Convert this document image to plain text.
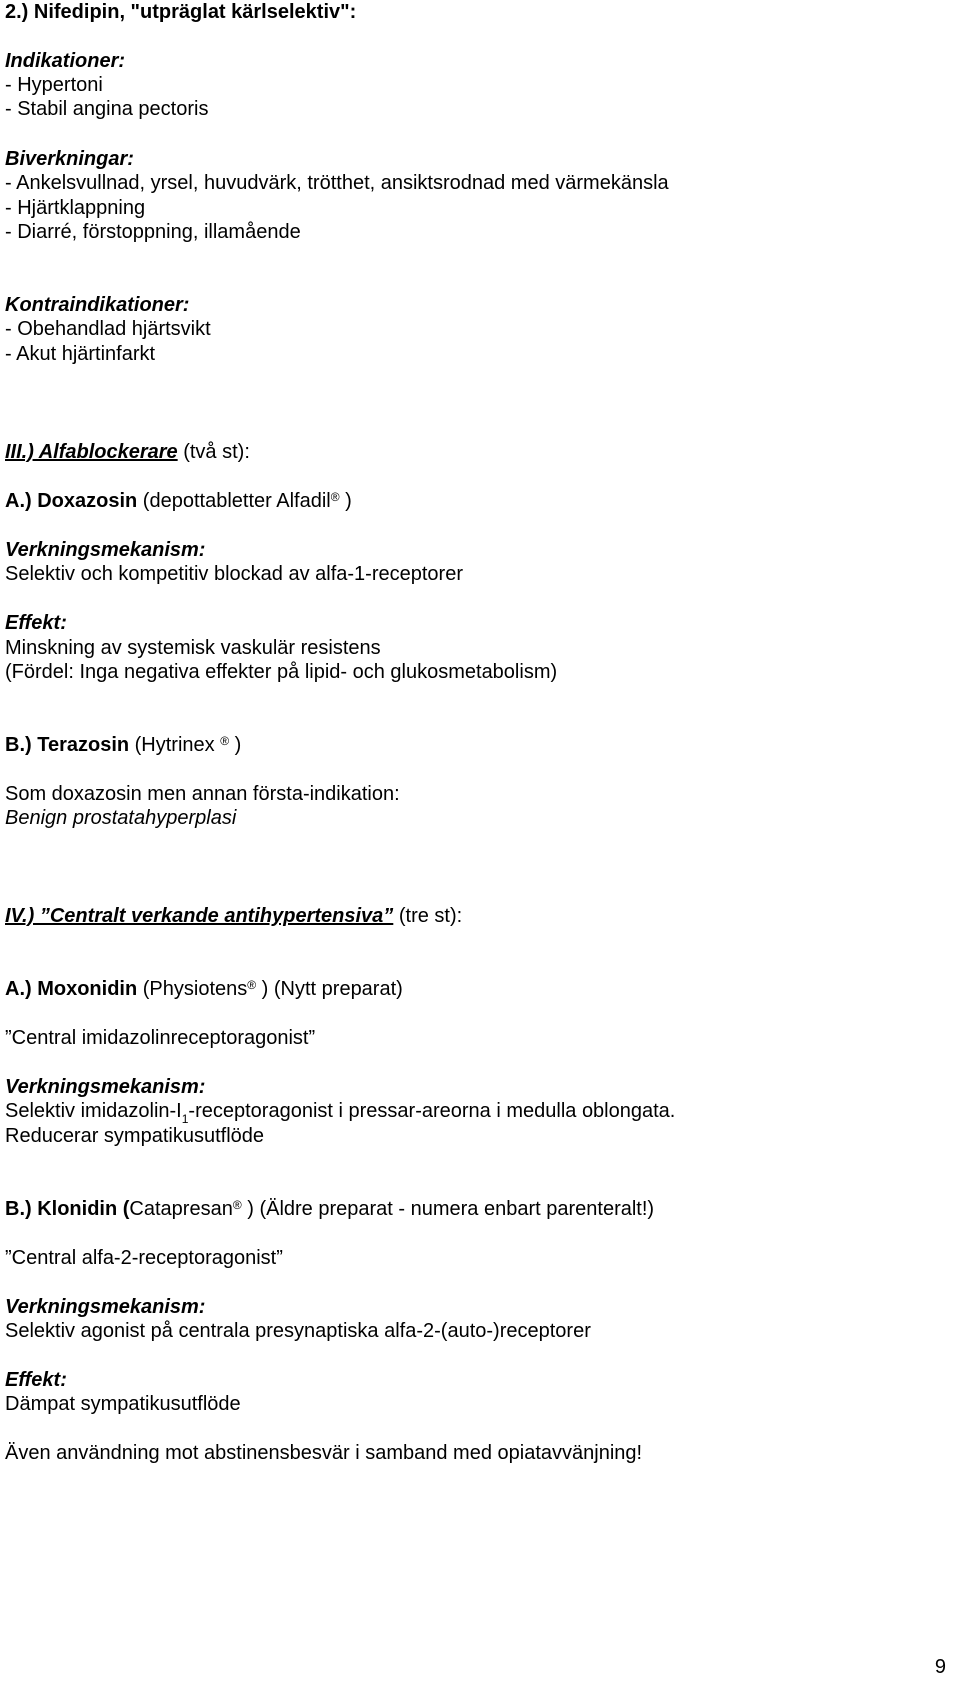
2.) Nifedipin, "utpräglat kärlselektiv":
Indikationer:
- Hypertoni
- Stabil angina pectoris
Biverkningar:
- Ankelsvullnad, yrsel, huvudvärk, trötthet, ansiktsrodnad med värmekänsla
- Hjärtklappning
- Diarré, förstoppning, illamående
Kontraindikationer:
- Obehandlad hjärtsvikt
- Akut hjärtinfarkt
III.) Alfablockerare (två st):
A.) Doxazosin (depottabletter Alfadil® )
Verkningsmekanism:
Selektiv och kompetitiv blockad av alfa-1-receptorer
Effekt:
Minskning av systemisk vaskulär resistens
(Fördel: Inga negativa effekter på lipid- och glukosmetabolism)
B.) Terazosin (Hytrinex ® )
Som doxazosin men annan första-indikation:
Benign prostatahyperplasi
IV.) ”Centralt verkande antihypertensiva” (tre st):
A.) Moxonidin (Physiotens® ) (Nytt preparat)
”Central imidazolinreceptoragonist”
Verkningsmekanism:
Selektiv imidazolin-$I_1$-receptoragonist i pressar-areorna i medulla oblongata.
Reducerar sympatikusutflöde
B.) Klonidin (Catapresan® ) (Äldre preparat - numera enbart parenteralt!)
”Central alfa-2-receptoragonist”
Verkningsmekanism:
Selektiv agonist på centrala presynaptiska alfa-2-(auto-)receptorer
Effekt:
Dämpat sympatikusutflöde
Även användning mot abstinensbesvär i samband med opiatavvänjning!
9
